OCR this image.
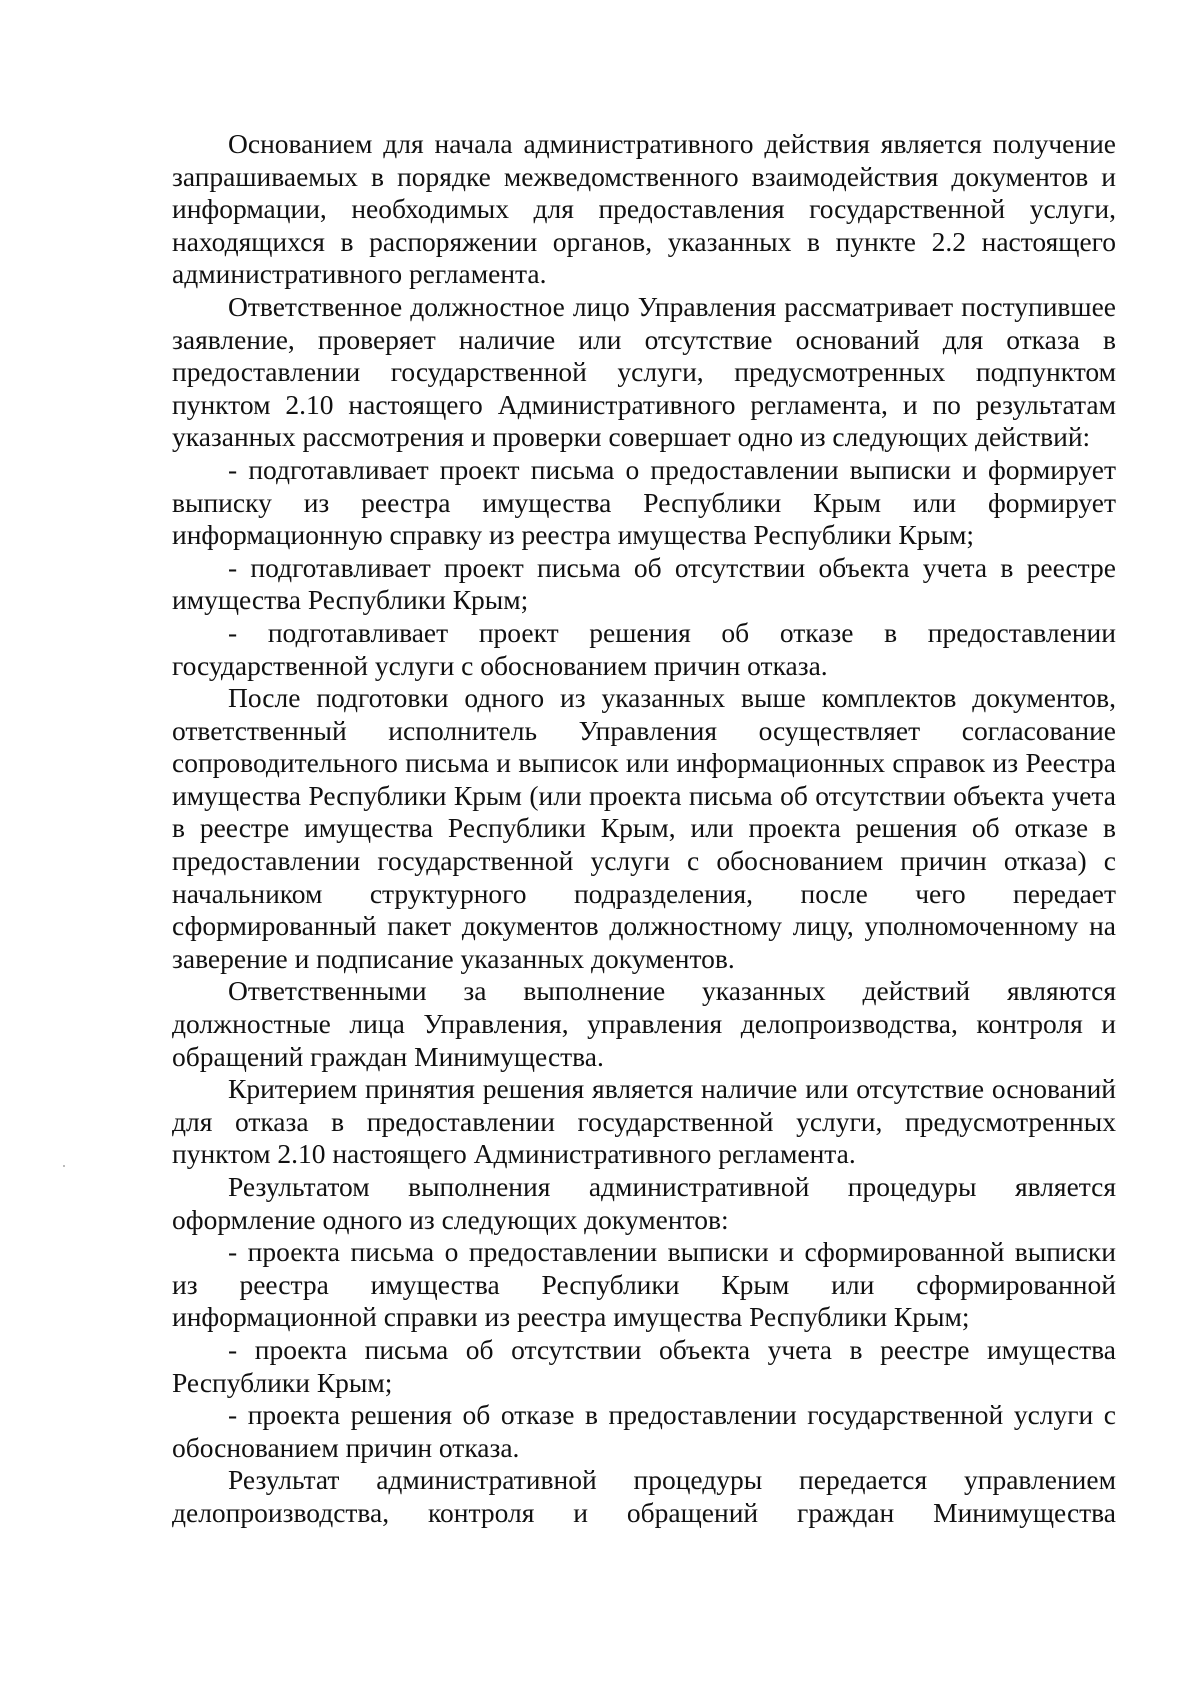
Основанием для начала административного действия является получение запрашиваемых в порядке межведомственного взаимодействия документов и информации, необходимых для предоставления государственной услуги, находящихся в распоряжении органов, указанных в пункте 2.2 настоящего административного регламента.

Ответственное должностное лицо Управления рассматривает поступившее заявление, проверяет наличие или отсутствие оснований для отказа в предоставлении государственной услуги, предусмотренных подпунктом пунктом 2.10 настоящего Административного регламента, и по результатам указанных рассмотрения и проверки совершает одно из следующих действий:

- подготавливает проект письма о предоставлении выписки и формирует выписку из реестра имущества Республики Крым или формирует информационную справку из реестра имущества Республики Крым;

- подготавливает проект письма об отсутствии объекта учета в реестре имущества Республики Крым;

- подготавливает проект решения об отказе в предоставлении государственной услуги с обоснованием причин отказа.

После подготовки одного из указанных выше комплектов документов, ответственный исполнитель Управления осуществляет согласование сопроводительного письма и выписок или информационных справок из Реестра имущества Республики Крым (или проекта письма об отсутствии объекта учета в реестре имущества Республики Крым, или проекта решения об отказе в предоставлении государственной услуги с обоснованием причин отказа) с начальником структурного подразделения, после чего передает сформированный пакет документов должностному лицу, уполномоченному на заверение и подписание указанных документов.

Ответственными за выполнение указанных действий являются должностные лица Управления, управления делопроизводства, контроля и обращений граждан Минимущества.

Критерием принятия решения является наличие или отсутствие оснований для отказа в предоставлении государственной услуги, предусмотренных пунктом 2.10 настоящего Административного регламента.

Результатом выполнения административной процедуры является оформление одного из следующих документов:

- проекта письма о предоставлении выписки и сформированной выписки из реестра имущества Республики Крым или сформированной информационной справки из реестра имущества Республики Крым;

- проекта письма об отсутствии объекта учета в реестре имущества Республики Крым;

- проекта решения об отказе в предоставлении государственной услуги с обоснованием причин отказа.

Результат административной процедуры передается управлением делопроизводства, контроля и обращений граждан Минимущества
